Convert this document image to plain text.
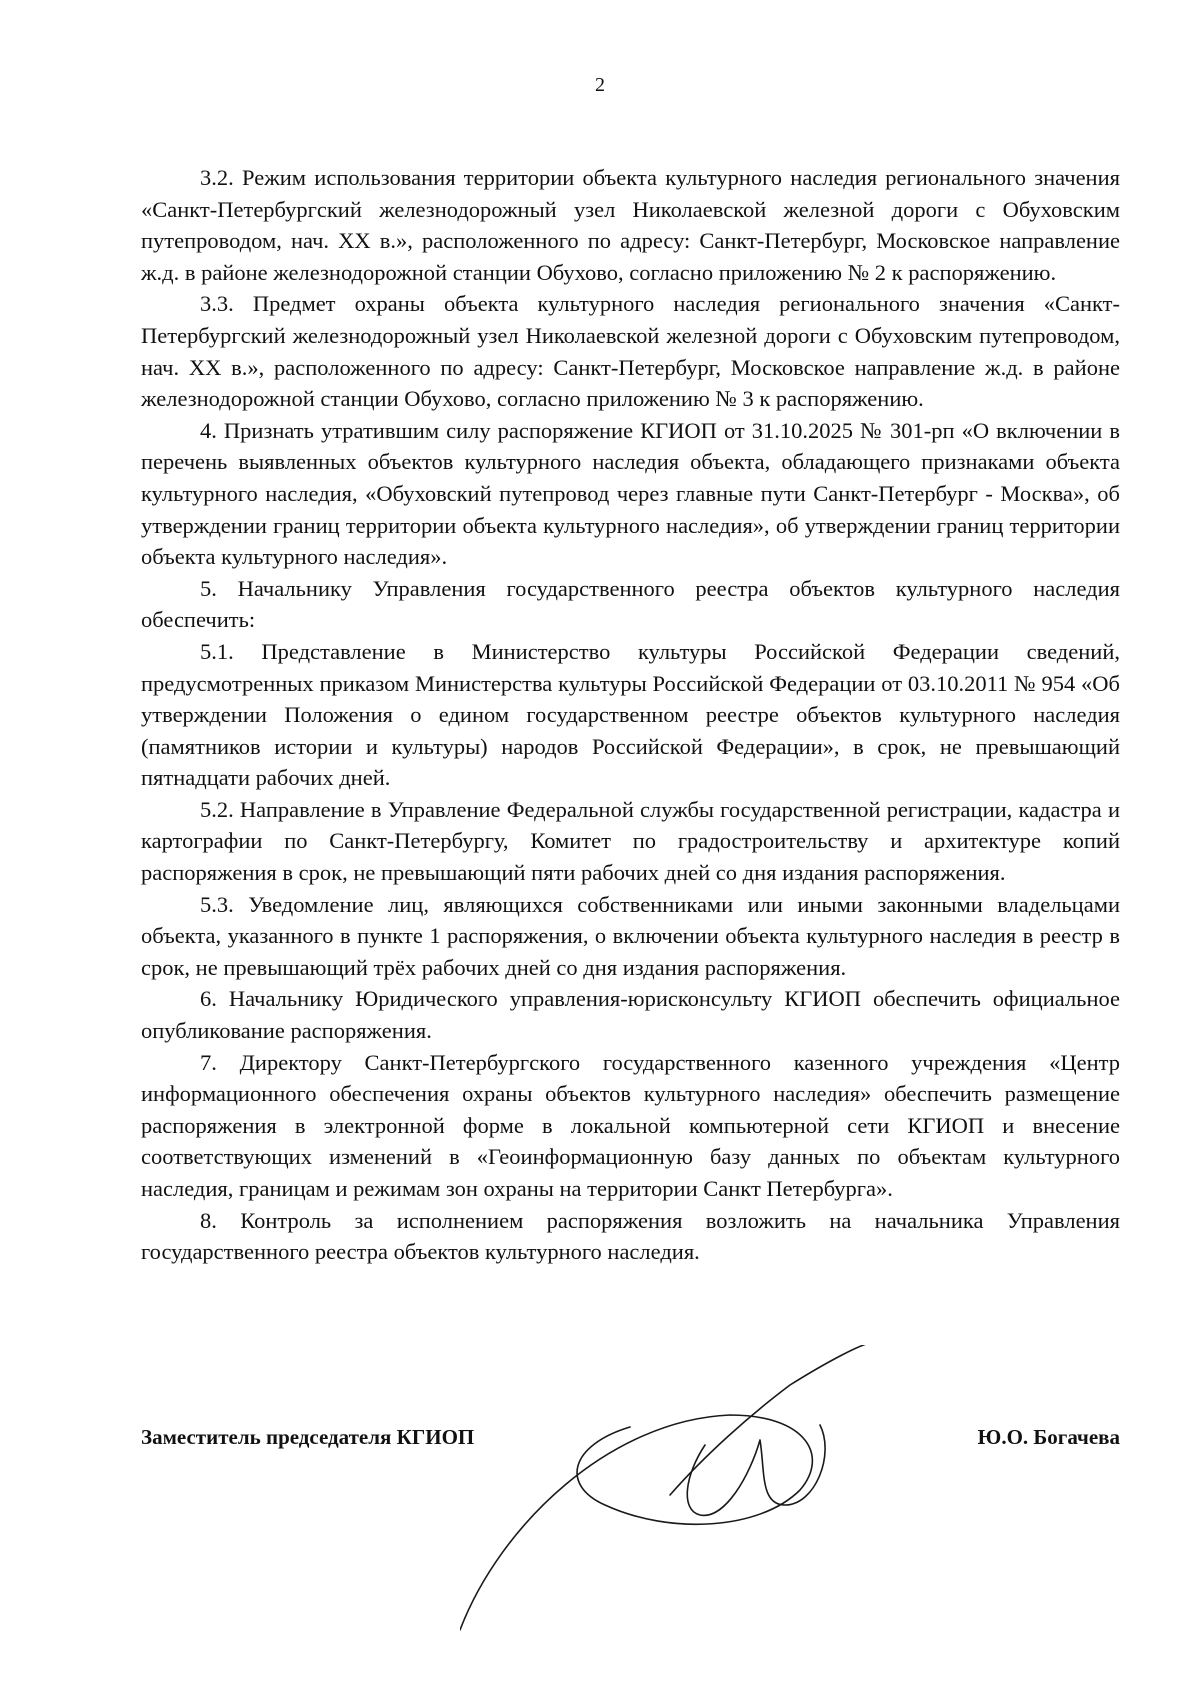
2

3.2. Режим использования территории объекта культурного наследия регионального значения «Санкт-Петербургский железнодорожный узел Николаевской железной дороги с Обуховским путепроводом, нач. XX в.», расположенного по адресу: Санкт-Петербург, Московское направление ж.д. в районе железнодорожной станции Обухово, согласно приложению № 2 к распоряжению.

3.3. Предмет охраны объекта культурного наследия регионального значения «Санкт-Петербургский железнодорожный узел Николаевской железной дороги с Обуховским путепроводом, нач. XX в.», расположенного по адресу: Санкт-Петербург, Московское направление ж.д. в районе железнодорожной станции Обухово, согласно приложению № 3 к распоряжению.

4. Признать утратившим силу распоряжение КГИОП от 31.10.2025 № 301-рп «О включении в перечень выявленных объектов культурного наследия объекта, обладающего признаками объекта культурного наследия, «Обуховский путепровод через главные пути Санкт-Петербург - Москва», об утверждении границ территории объекта культурного наследия», об утверждении границ территории объекта культурного наследия».

5. Начальнику Управления государственного реестра объектов культурного наследия обеспечить:

5.1. Представление в Министерство культуры Российской Федерации сведений, предусмотренных приказом Министерства культуры Российской Федерации от 03.10.2011 № 954 «Об утверждении Положения о едином государственном реестре объектов культурного наследия (памятников истории и культуры) народов Российской Федерации», в срок, не превышающий пятнадцати рабочих дней.

5.2. Направление в Управление Федеральной службы государственной регистрации, кадастра и картографии по Санкт-Петербургу, Комитет по градостроительству и архитектуре копий распоряжения в срок, не превышающий пяти рабочих дней со дня издания распоряжения.

5.3. Уведомление лиц, являющихся собственниками или иными законными владельцами объекта, указанного в пункте 1 распоряжения, о включении объекта культурного наследия в реестр в срок, не превышающий трёх рабочих дней со дня издания распоряжения.

6. Начальнику Юридического управления-юрисконсульту КГИОП обеспечить официальное опубликование распоряжения.

7. Директору Санкт-Петербургского государственного казенного учреждения «Центр информационного обеспечения охраны объектов культурного наследия» обеспечить размещение распоряжения в электронной форме в локальной компьютерной сети КГИОП и внесение соответствующих изменений в «Геоинформационную базу данных по объектам культурного наследия, границам и режимам зон охраны на территории Санкт Петербурга».

8. Контроль за исполнением распоряжения возложить на начальника Управления государственного реестра объектов культурного наследия.

Заместитель председателя КГИОП	Ю.О. Богачева
